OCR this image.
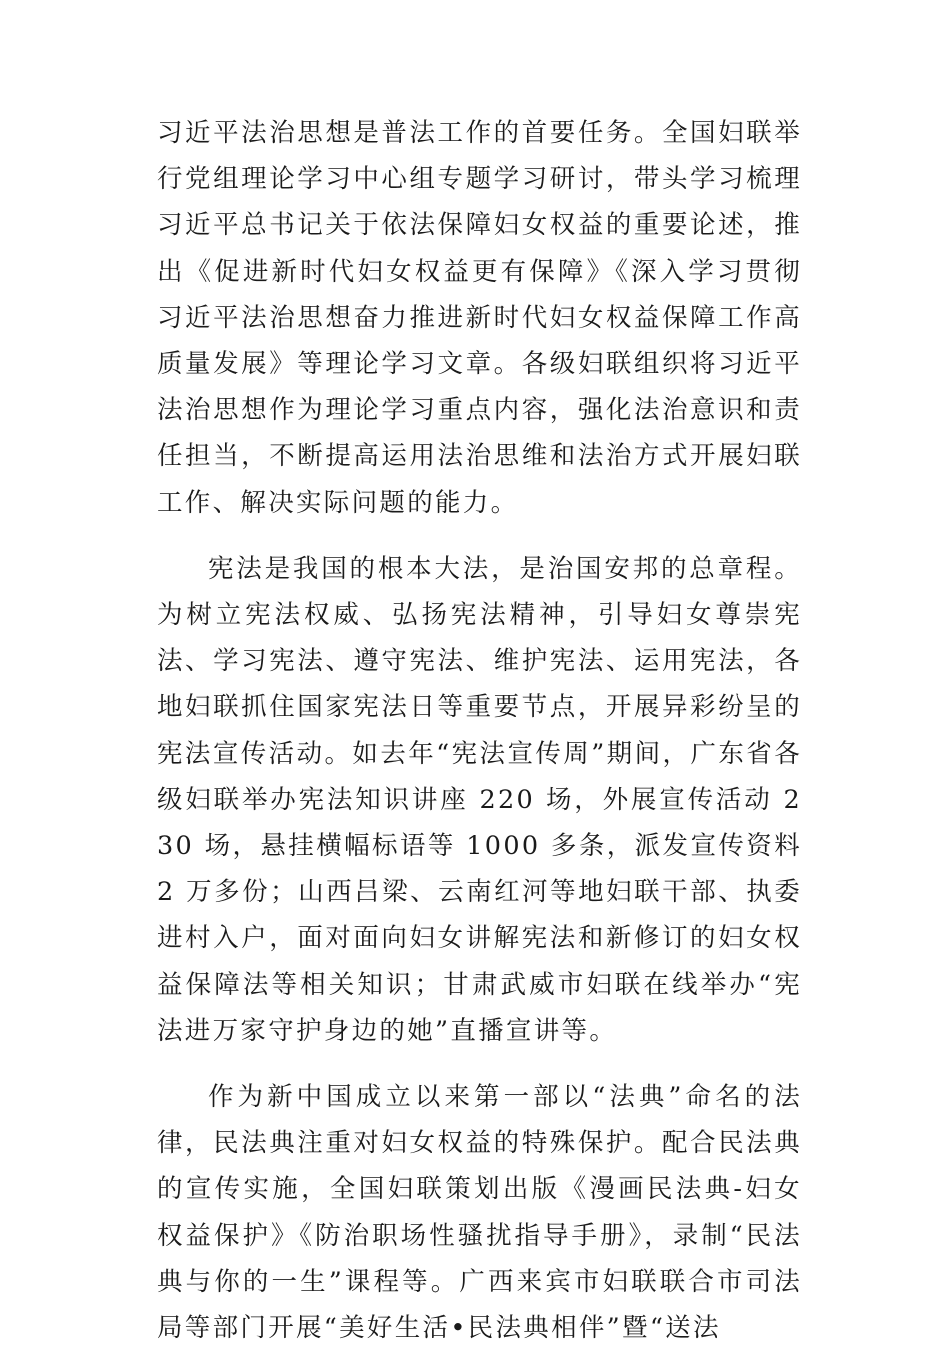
习近平法治思想是普法工作的首要任务。全国妇联举行党组理论学习中心组专题学习研讨，带头学习梳理习近平总书记关于依法保障妇女权益的重要论述，推出《促进新时代妇女权益更有保障》《深入学习贯彻习近平法治思想奋力推进新时代妇女权益保障工作高质量发展》等理论学习文章。各级妇联组织将习近平法治思想作为理论学习重点内容，强化法治意识和责任担当，不断提高运用法治思维和法治方式开展妇联工作、解决实际问题的能力。

宪法是我国的根本大法，是治国安邦的总章程。为树立宪法权威、弘扬宪法精神，引导妇女尊崇宪法、学习宪法、遵守宪法、维护宪法、运用宪法，各地妇联抓住国家宪法日等重要节点，开展异彩纷呈的宪法宣传活动。如去年“宪法宣传周”期间，广东省各级妇联举办宪法知识讲座 220 场，外展宣传活动 230 场，悬挂横幅标语等 1000 多条，派发宣传资料 2 万多份；山西吕梁、云南红河等地妇联干部、执委进村入户，面对面向妇女讲解宪法和新修订的妇女权益保障法等相关知识；甘肃武威市妇联在线举办“宪法进万家守护身边的她”直播宣讲等。

作为新中国成立以来第一部以“法典”命名的法律，民法典注重对妇女权益的特殊保护。配合民法典的宣传实施，全国妇联策划出版《漫画民法典-妇女权益保护》《防治职场性骚扰指导手册》，录制“民法典与你的一生”课程等。广西来宾市妇联联合市司法局等部门开展“美好生活•民法典相伴”暨“送法
